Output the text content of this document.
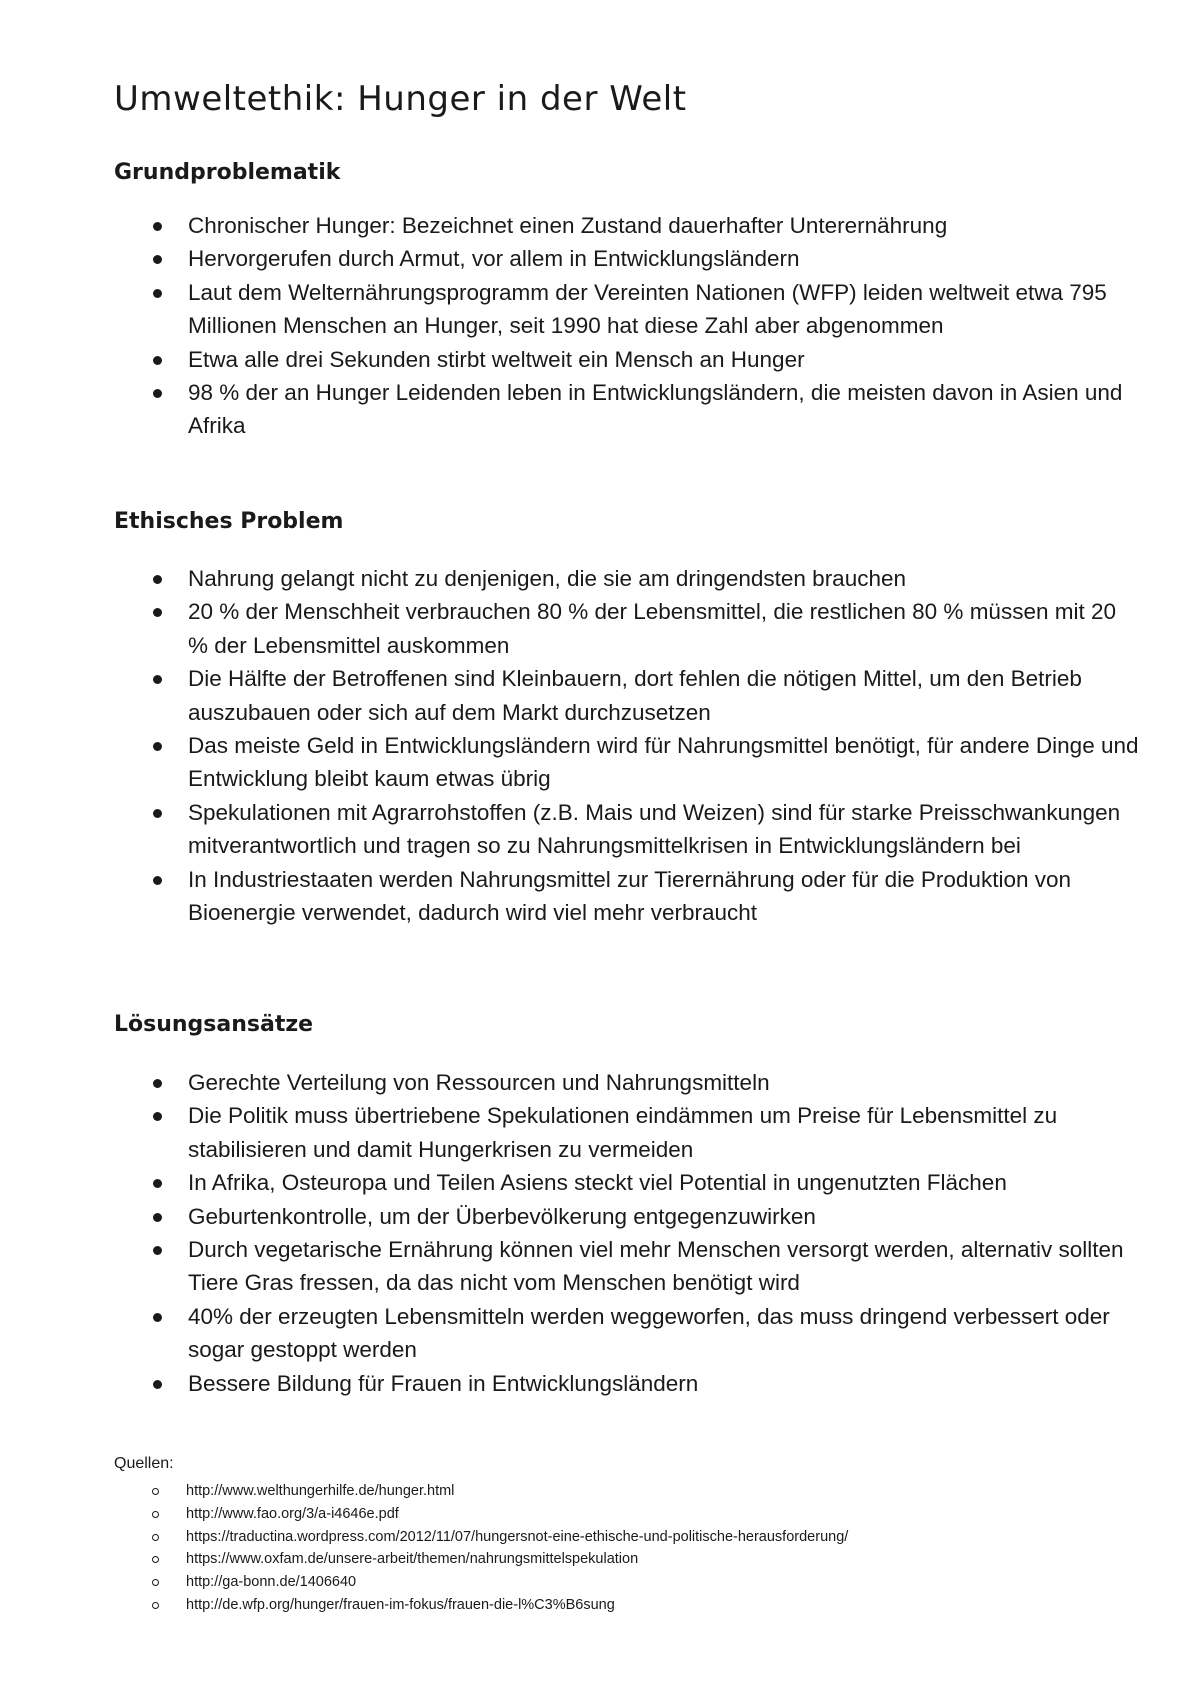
Umweltethik: Hunger in der Welt
Grundproblematik
Chronischer Hunger: Bezeichnet einen Zustand dauerhafter Unterernährung
Hervorgerufen durch Armut, vor allem in Entwicklungsländern
Laut dem Welternährungsprogramm der Vereinten Nationen (WFP) leiden weltweit etwa 795 Millionen Menschen an Hunger, seit 1990 hat diese Zahl aber abgenommen
Etwa alle drei Sekunden stirbt weltweit ein Mensch an Hunger
98 % der an Hunger Leidenden leben in Entwicklungsländern, die meisten davon in Asien und Afrika
Ethisches Problem
Nahrung gelangt nicht zu denjenigen, die sie am dringendsten brauchen
20 % der Menschheit verbrauchen 80 % der Lebensmittel, die restlichen 80 % müssen mit 20 % der Lebensmittel auskommen
Die Hälfte der Betroffenen sind Kleinbauern, dort fehlen die nötigen Mittel, um den Betrieb auszubauen oder sich auf dem Markt durchzusetzen
Das meiste Geld in Entwicklungsländern wird für Nahrungsmittel benötigt, für andere Dinge und Entwicklung bleibt kaum etwas übrig
Spekulationen mit Agrarrohstoffen (z.B. Mais und Weizen) sind für starke Preisschwankungen mitverantwortlich und tragen so zu Nahrungsmittelkrisen in Entwicklungsländern bei
In Industriestaaten werden Nahrungsmittel zur Tierernährung oder für die Produktion von Bioenergie verwendet, dadurch wird viel mehr verbraucht
Lösungsansätze
Gerechte Verteilung von Ressourcen und Nahrungsmitteln
Die Politik muss übertriebene Spekulationen eindämmen um Preise für Lebensmittel zu stabilisieren und damit Hungerkrisen zu vermeiden
In Afrika, Osteuropa und Teilen Asiens steckt viel Potential in ungenutzten Flächen
Geburtenkontrolle, um der Überbevölkerung entgegenzuwirken
Durch vegetarische Ernährung können viel mehr Menschen versorgt werden, alternativ sollten Tiere Gras fressen, da das nicht vom Menschen benötigt wird
40% der erzeugten Lebensmitteln werden weggeworfen, das muss dringend verbessert oder sogar gestoppt werden
Bessere Bildung für Frauen in Entwicklungsländern

Quellen:

http://www.welthungerhilfe.de/hunger.html
http://www.fao.org/3/a-i4646e.pdf
https://traductina.wordpress.com/2012/11/07/hungersnot-eine-ethische-und-politische-herausforderung/
https://www.oxfam.de/unsere-arbeit/themen/nahrungsmittelspekulation
http://ga-bonn.de/1406640
http://de.wfp.org/hunger/frauen-im-fokus/frauen-die-l%C3%B6sung
